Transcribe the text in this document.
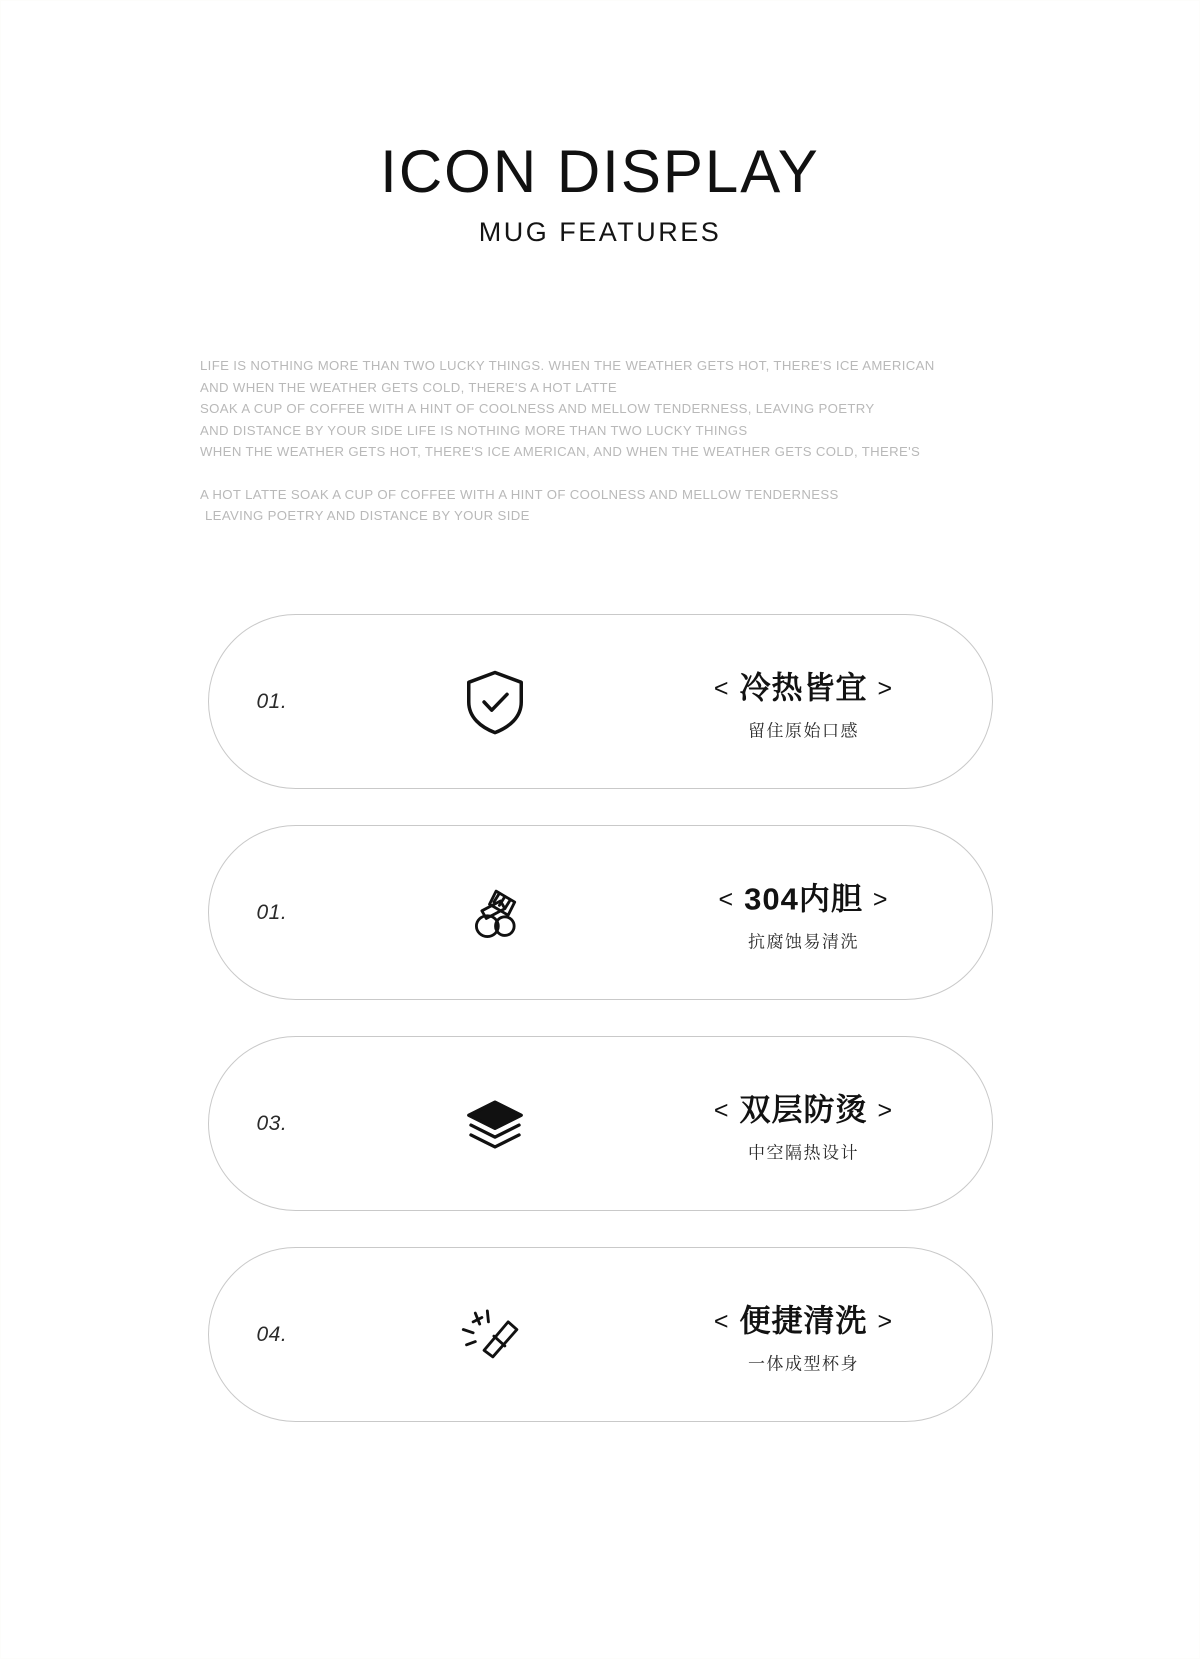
ICON DISPLAY
MUG FEATURES
LIFE IS NOTHING MORE THAN TWO LUCKY THINGS. WHEN THE WEATHER GETS HOT, THERE'S ICE AMERICAN
AND WHEN THE WEATHER GETS COLD, THERE'S A HOT LATTE
SOAK A CUP OF COFFEE WITH A HINT OF COOLNESS AND MELLOW TENDERNESS, LEAVING POETRY
AND DISTANCE BY YOUR SIDE LIFE IS NOTHING MORE THAN TWO LUCKY THINGS
WHEN THE WEATHER GETS HOT, THERE'S ICE AMERICAN, AND WHEN THE WEATHER GETS COLD, THERE'S
A HOT LATTE SOAK A CUP OF COFFEE WITH A HINT OF COOLNESS AND MELLOW TENDERNESS
LEAVING POETRY AND DISTANCE BY YOUR SIDE
01.	< 冷热皆宜 >
留住原始口感
01.	< 304内胆 >
抗腐蚀易清洗
03.	< 双层防烫 >
中空隔热设计
04.	< 便捷清洗 >
一体成型杯身
